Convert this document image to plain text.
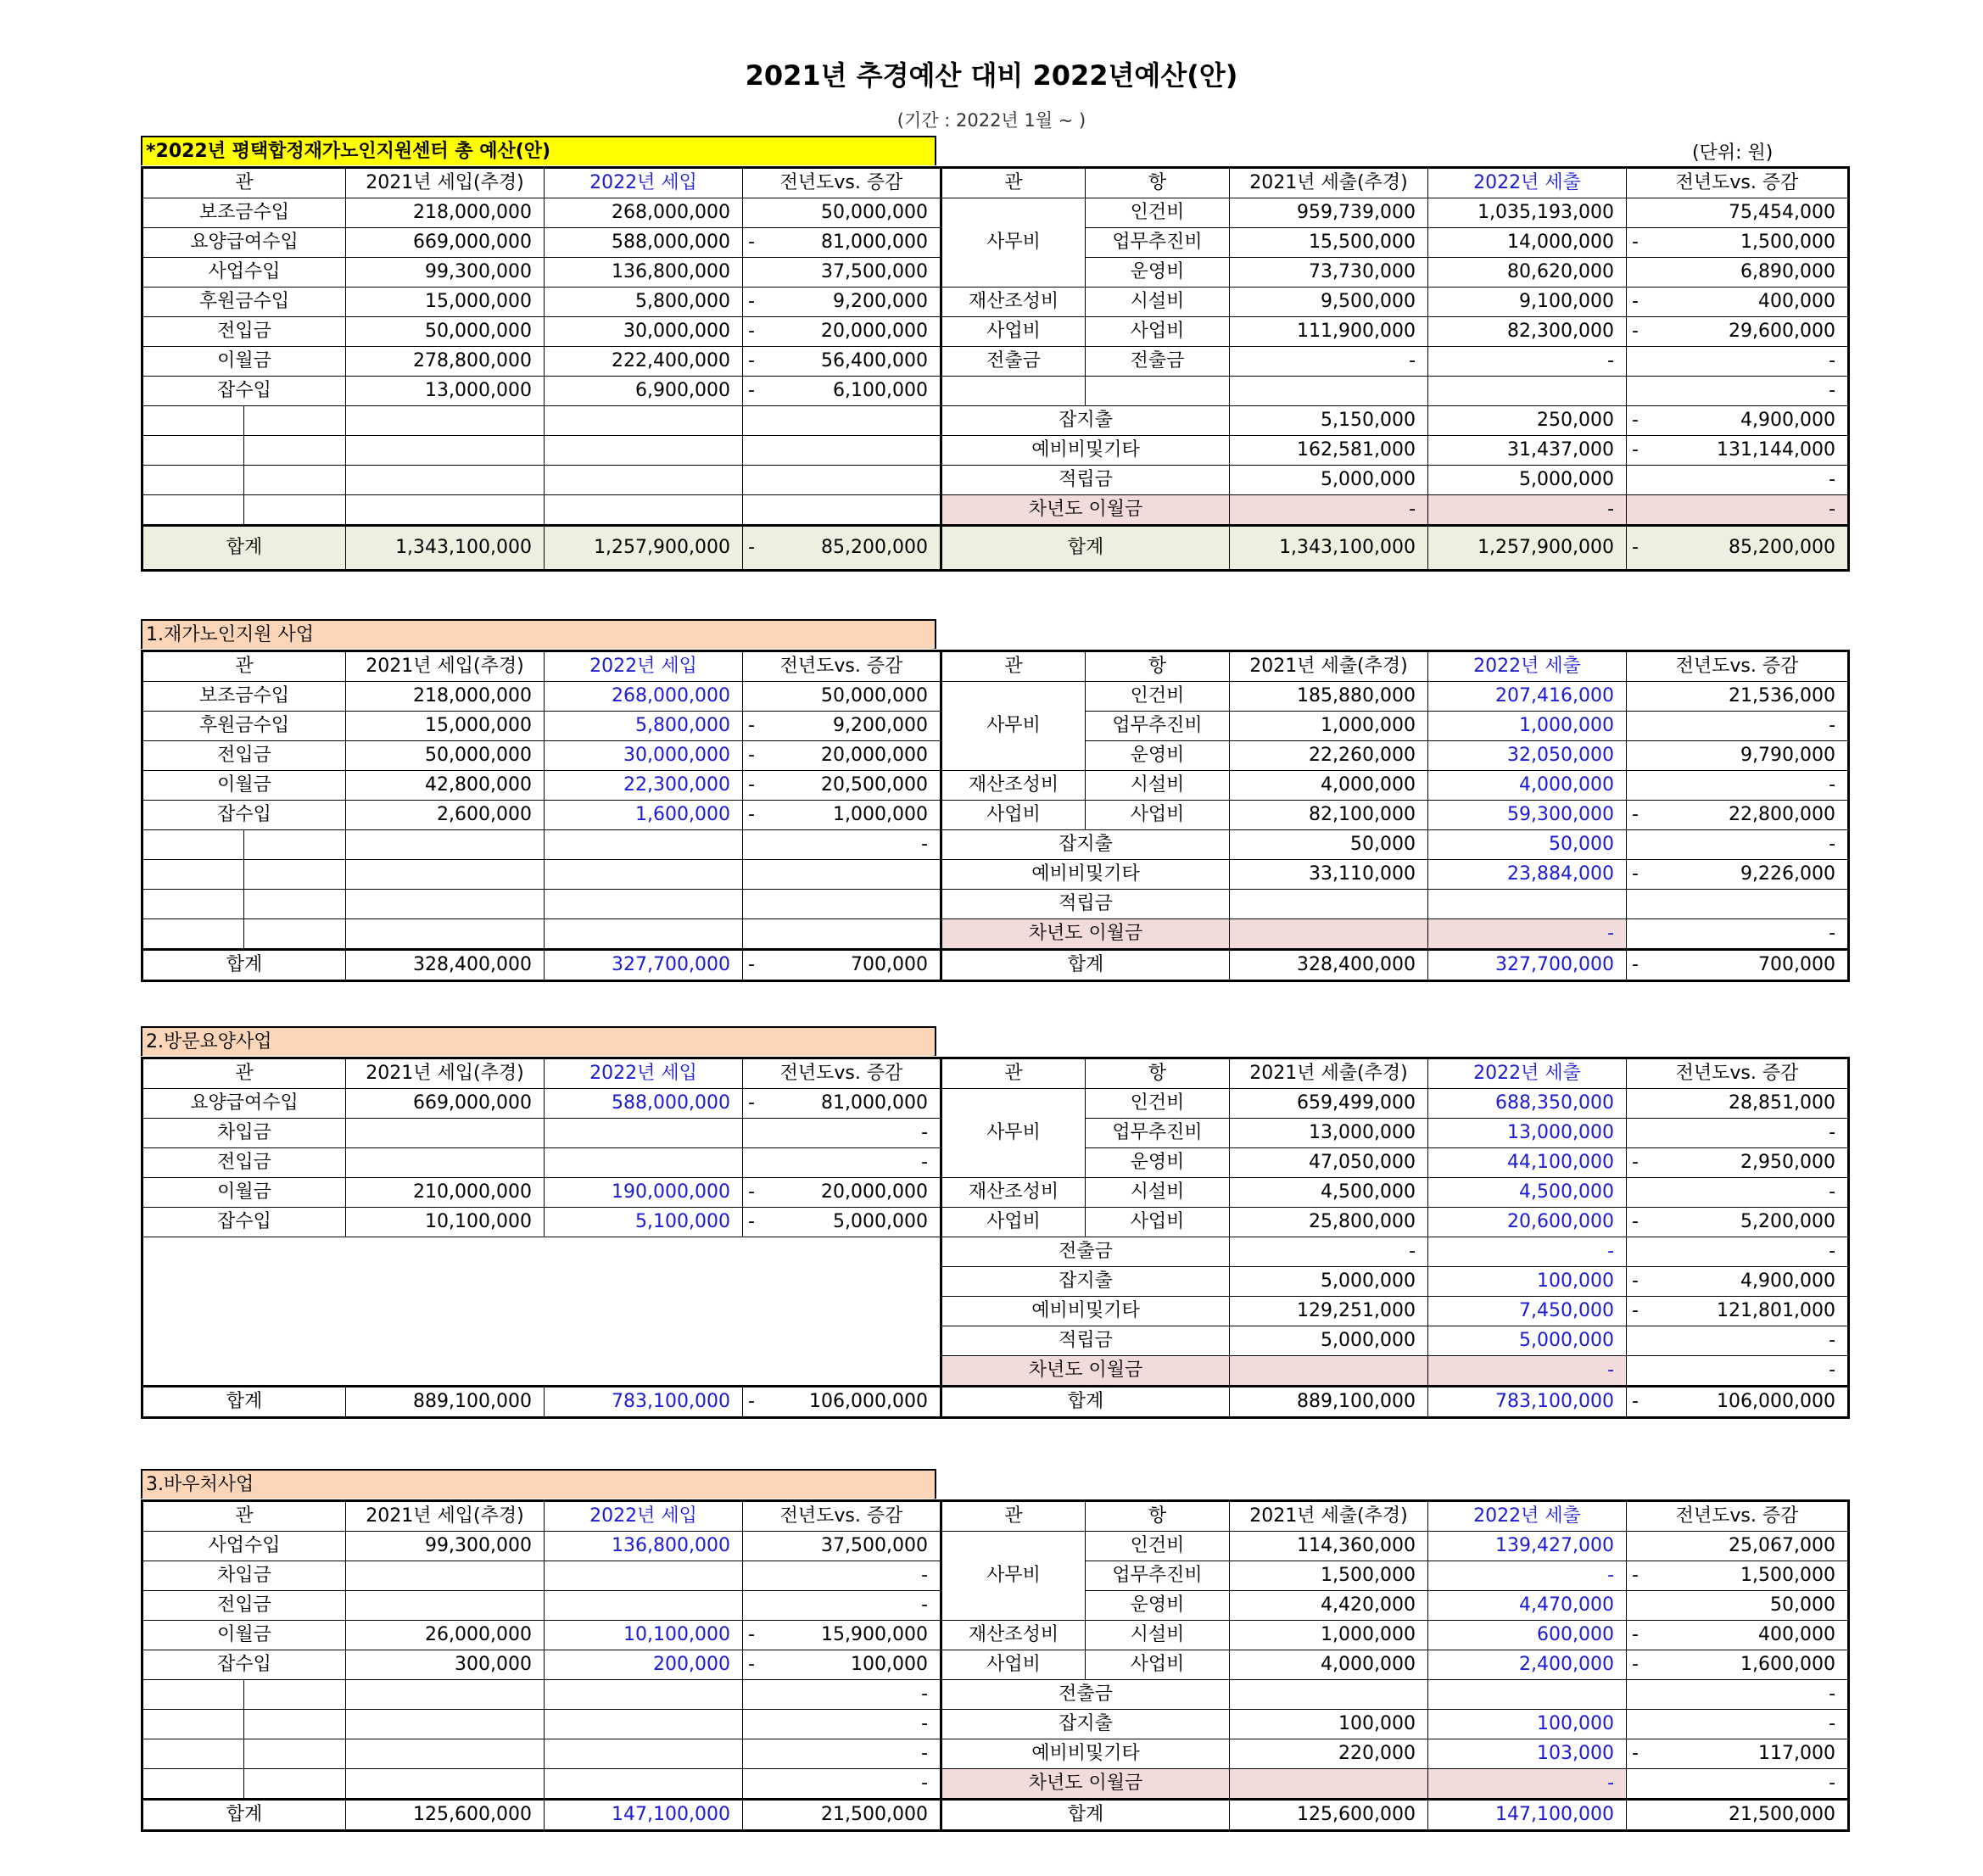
2021년 추경예산 대비 2022년예산(안)
(기간 : 2022년 1월 ~ )
(단위: 원)
*2022년 평택합정재가노인지원센터 총 예산(안)
관		2021년 세입(추경)	2022년 세입	전년도vs. 증감	관	항	2021년 세출(추경)	2022년 세출	전년도vs. 증감
보조금수입		218,000,000	268,000,000	50,000,000	사무비	인건비	959,739,000	1,035,193,000	75,454,000
요양급여수입		669,000,000	588,000,000	- 81,000,000		업무추진비	15,500,000	14,000,000	- 1,500,000
사업수입		99,300,000	136,800,000	37,500,000		운영비	73,730,000	80,620,000	6,890,000
후원금수입		15,000,000	5,800,000	- 9,200,000	재산조성비	시설비	9,500,000	9,100,000	- 400,000
전입금		50,000,000	30,000,000	- 20,000,000	사업비	사업비	111,900,000	82,300,000	- 29,600,000
이월금		278,800,000	222,400,000	- 56,400,000	전출금	전출금	-	-	-
잡수입		13,000,000	6,900,000	- 6,100,000					-
					잡지출		5,150,000	250,000	- 4,900,000
					예비비및기타		162,581,000	31,437,000	- 131,144,000
					적립금		5,000,000	5,000,000	-
					차년도 이월금		-	-	-
합계		1,343,100,000	1,257,900,000	- 85,200,000	합계		1,343,100,000	1,257,900,000	- 85,200,000
1.재가노인지원 사업
관		2021년 세입(추경)	2022년 세입	전년도vs. 증감	관	항	2021년 세출(추경)	2022년 세출	전년도vs. 증감
보조금수입		218,000,000	268,000,000	50,000,000	사무비	인건비	185,880,000	207,416,000	21,536,000
후원금수입		15,000,000	5,800,000	- 9,200,000		업무추진비	1,000,000	1,000,000	-
전입금		50,000,000	30,000,000	- 20,000,000		운영비	22,260,000	32,050,000	9,790,000
이월금		42,800,000	22,300,000	- 20,500,000	재산조성비	시설비	4,000,000	4,000,000	-
잡수입		2,600,000	1,600,000	- 1,000,000	사업비	사업비	82,100,000	59,300,000	- 22,800,000
				-	잡지출		50,000	50,000	-
					예비비및기타		33,110,000	23,884,000	- 9,226,000
					적립금				

					차년도 이월금			-	-
합계		328,400,000	327,700,000	- 700,000	합계		328,400,000	327,700,000	- 700,000
2.방문요양사업
관	2021년 세입(추경)	2022년 세입	전년도vs. 증감	관	항	2021년 세출(추경)	2022년 세출	전년도vs. 증감
요양급여수입	669,000,000	588,000,000	- 81,000,000	사무비	인건비	659,499,000	688,350,000	28,851,000
차입금			-		업무추진비	13,000,000	13,000,000	-
전입금			-		운영비	47,050,000	44,100,000	- 2,950,000
이월금	210,000,000	190,000,000	- 20,000,000	재산조성비	시설비	4,500,000	4,500,000	-
잡수입	10,100,000	5,100,000	- 5,000,000	사업비	사업비	25,800,000	20,600,000	- 5,200,000
				전출금		-	-	-
				잡지출		5,000,000	100,000	- 4,900,000
				예비비및기타		129,251,000	7,450,000	- 121,801,000
				적립금		5,000,000	5,000,000	-
				차년도 이월금			-	-
합계	889,100,000	783,100,000	- 106,000,000	합계		889,100,000	783,100,000	- 106,000,000
3.바우처사업
관		2021년 세입(추경)	2022년 세입	전년도vs. 증감	관	항	2021년 세출(추경)	2022년 세출	전년도vs. 증감
사업수입		99,300,000	136,800,000	37,500,000	사무비	인건비	114,360,000	139,427,000	25,067,000
차입금				-		업무추진비	1,500,000	-	- 1,500,000
전입금				-		운영비	4,420,000	4,470,000	50,000
이월금		26,000,000	10,100,000	- 15,900,000	재산조성비	시설비	1,000,000	600,000	- 400,000
잡수입		300,000	200,000	- 100,000	사업비	사업비	4,000,000	2,400,000	- 1,600,000
				-	전출금				-
				-	잡지출		100,000	100,000	-
				-	예비비및기타		220,000	103,000	- 117,000
				-	차년도 이월금			-	-
합계		125,600,000	147,100,000	21,500,000	합계		125,600,000	147,100,000	21,500,000
